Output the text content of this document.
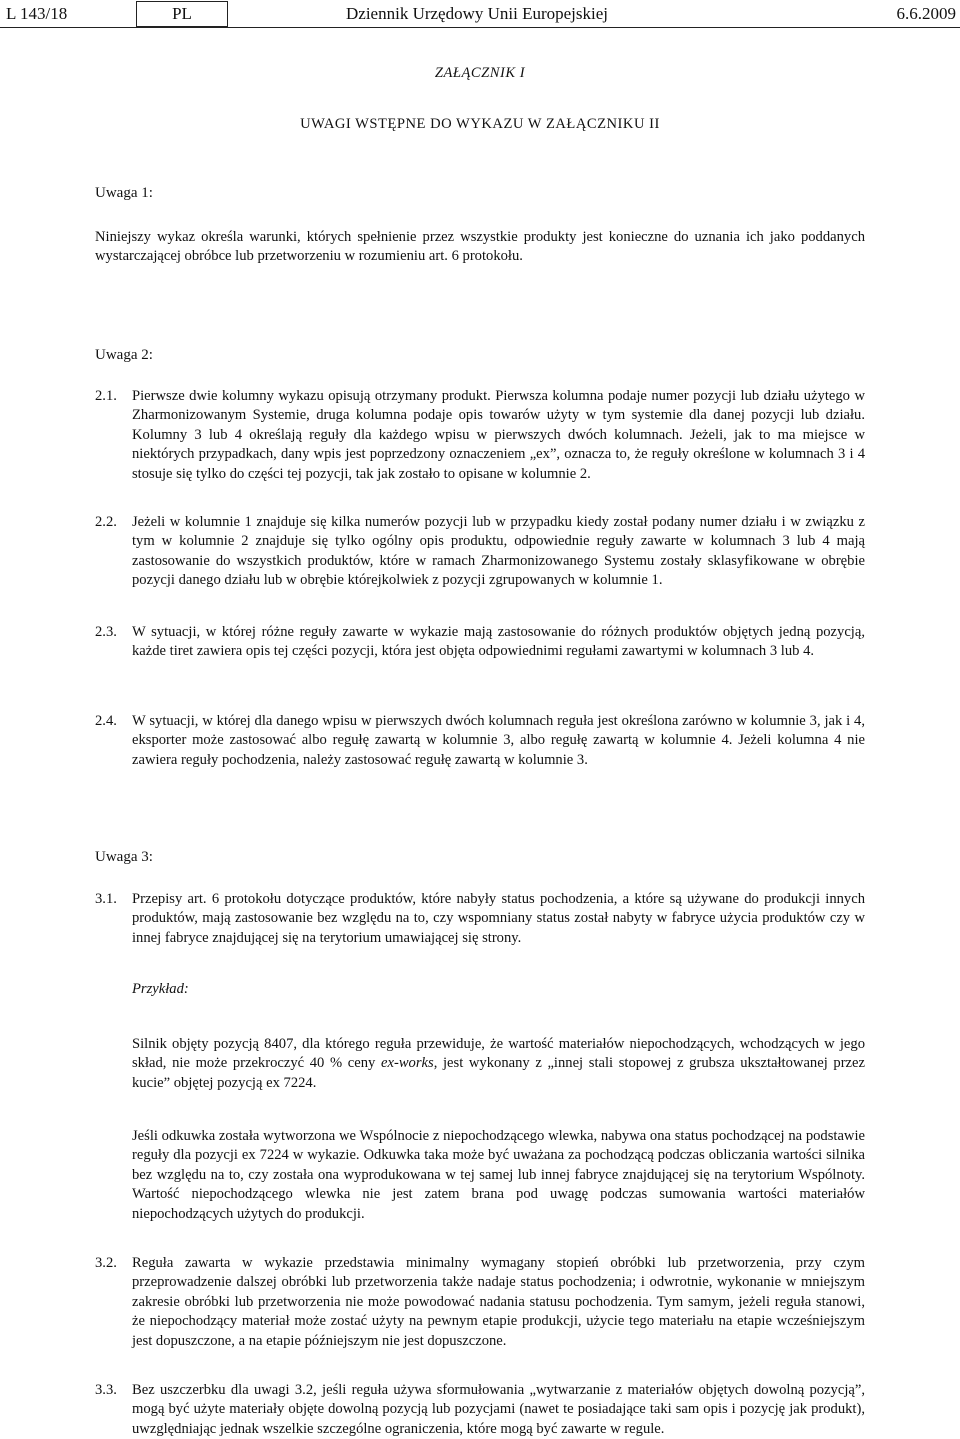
L 143/18	PL	Dziennik Urzędowy Unii Europejskiej	6.6.2009
ZAŁĄCZNIK I
UWAGI WSTĘPNE DO WYKAZU W ZAŁĄCZNIKU II
Uwaga 1:
Niniejszy wykaz określa warunki, których spełnienie przez wszystkie produkty jest konieczne do uznania ich jako poddanych wystarczającej obróbce lub przetworzeniu w rozumieniu art. 6 protokołu.
Uwaga 2:
2.1.	Pierwsze dwie kolumny wykazu opisują otrzymany produkt. Pierwsza kolumna podaje numer pozycji lub działu użytego w Zharmonizowanym Systemie, druga kolumna podaje opis towarów użyty w tym systemie dla danej pozycji lub działu. Kolumny 3 lub 4 określają reguły dla każdego wpisu w pierwszych dwóch kolumnach. Jeżeli, jak to ma miejsce w niektórych przypadkach, dany wpis jest poprzedzony oznaczeniem „ex”, oznacza to, że reguły określone w kolumnach 3 i 4 stosuje się tylko do części tej pozycji, tak jak zostało to opisane w kolumnie 2.
2.2.	Jeżeli w kolumnie 1 znajduje się kilka numerów pozycji lub w przypadku kiedy został podany numer działu i w związku z tym w kolumnie 2 znajduje się tylko ogólny opis produktu, odpowiednie reguły zawarte w kolumnach 3 lub 4 mają zastosowanie do wszystkich produktów, które w ramach Zharmonizowanego Systemu zostały sklasyfikowane w obrębie pozycji danego działu lub w obrębie którejkolwiek z pozycji zgrupowanych w kolumnie 1.
2.3.	W sytuacji, w której różne reguły zawarte w wykazie mają zastosowanie do różnych produktów objętych jedną pozycją, każde tiret zawiera opis tej części pozycji, która jest objęta odpowiednimi regułami zawartymi w kolumnach 3 lub 4.
2.4.	W sytuacji, w której dla danego wpisu w pierwszych dwóch kolumnach reguła jest określona zarówno w kolumnie 3, jak i 4, eksporter może zastosować albo regułę zawartą w kolumnie 3, albo regułę zawartą w kolumnie 4. Jeżeli kolumna 4 nie zawiera reguły pochodzenia, należy zastosować regułę zawartą w kolumnie 3.
Uwaga 3:
3.1.	Przepisy art. 6 protokołu dotyczące produktów, które nabyły status pochodzenia, a które są używane do produkcji innych produktów, mają zastosowanie bez względu na to, czy wspomniany status został nabyty w fabryce użycia produktów czy w innej fabryce znajdującej się na terytorium umawiającej się strony.
Przykład:
Silnik objęty pozycją 8407, dla którego reguła przewiduje, że wartość materiałów niepochodzących, wchodzących w jego skład, nie może przekroczyć 40 % ceny ex-works, jest wykonany z „innej stali stopowej z grubsza ukształtowanej przez kucie” objętej pozycją ex 7224.
Jeśli odkuwka została wytworzona we Wspólnocie z niepochodzącego wlewka, nabywa ona status pochodzącej na podstawie reguły dla pozycji ex 7224 w wykazie. Odkuwka taka może być uważana za pochodzącą podczas obliczania wartości silnika bez względu na to, czy została ona wyprodukowana w tej samej lub innej fabryce znajdującej się na terytorium Wspólnoty. Wartość niepochodzącego wlewka nie jest zatem brana pod uwagę podczas sumowania wartości materiałów niepochodzących użytych do produkcji.
3.2.	Reguła zawarta w wykazie przedstawia minimalny wymagany stopień obróbki lub przetworzenia, przy czym przeprowadzenie dalszej obróbki lub przetworzenia także nadaje status pochodzenia; i odwrotnie, wykonanie w mniejszym zakresie obróbki lub przetworzenia nie może powodować nadania statusu pochodzenia. Tym samym, jeżeli reguła stanowi, że niepochodzący materiał może zostać użyty na pewnym etapie produkcji, użycie tego materiału na etapie wcześniejszym jest dopuszczone, a na etapie późniejszym nie jest dopuszczone.
3.3.	Bez uszczerbku dla uwagi 3.2, jeśli reguła używa sformułowania „wytwarzanie z materiałów objętych dowolną pozycją”, mogą być użyte materiały objęte dowolną pozycją lub pozycjami (nawet te posiadające taki sam opis i pozycję jak produkt), uwzględniając jednak wszelkie szczególne ograniczenia, które mogą być zawarte w regule.
